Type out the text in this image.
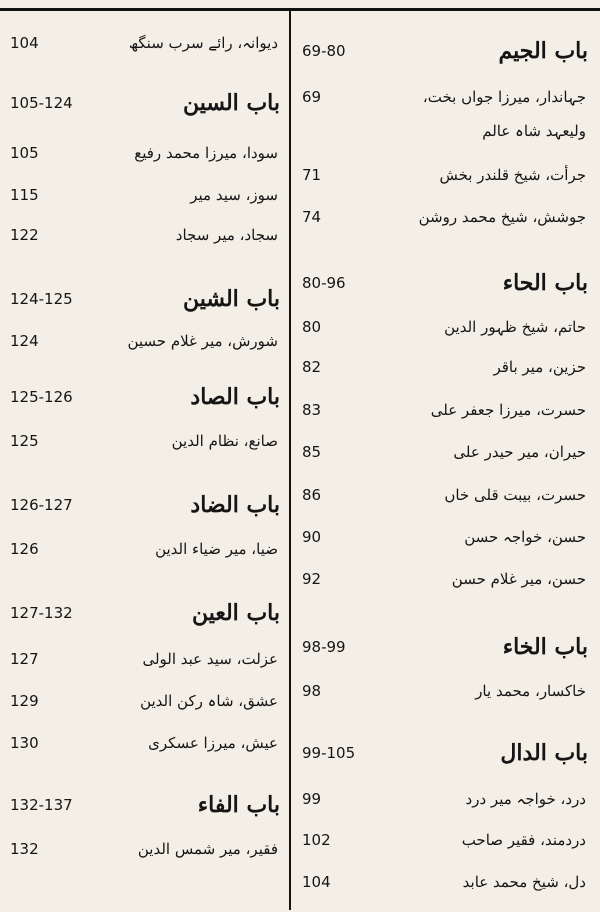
باب الجیم
69-80
جہاندار، میرزا جواں بخت،
69
ولیعہد شاہ عالم
جرأت، شیخ قلندر بخش
71
جوشش، شیخ محمد روشن
74
باب الحاء
80-96
حاتم، شیخ ظہور الدین
80
حزین، میر باقر
82
حسرت، میرزا جعفر علی
83
حیران، میر حیدر علی
85
حسرت، بیبت قلی خاں
86
حسن، خواجہ حسن
90
حسن، میر غلام حسن
92
باب الخاء
98-99
خاکسار، محمد یار
98
باب الدال
99-105
درد، خواجہ میر درد
99
دردمند، فقیر صاحب
102
دل، شیخ محمد عابد
104
دیوانہ، رائے سرب سنگھ
104
باب السین
105-124
سودا، میرزا محمد رفیع
105
سوز، سید میر
115
سجاد، میر سجاد
122
باب الشین
124-125
شورش، میر غلام حسین
124
باب الصاد
125-126
صانع، نظام الدین
125
باب الضاد
126-127
ضیا، میر ضیاء الدین
126
باب العین
127-132
عزلت، سید عبد الولی
127
عشق، شاہ رکن الدین
129
عیش، میرزا عسکری
130
باب الفاء
132-137
فقیر، میر شمس الدین
132
